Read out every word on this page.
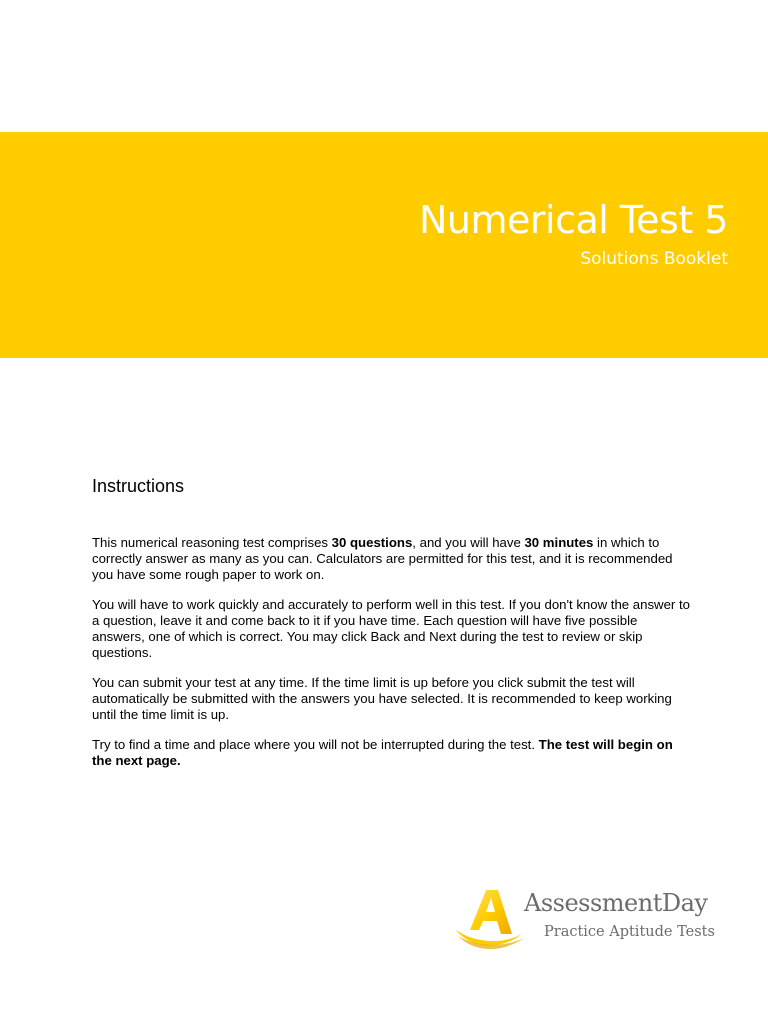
Numerical Test 5
Solutions Booklet
Instructions

This numerical reasoning test comprises 30 questions, and you will have 30 minutes in which to correctly answer as many as you can. Calculators are permitted for this test, and it is recommended you have some rough paper to work on.

You will have to work quickly and accurately to perform well in this test. If you don't know the answer to a question, leave it and come back to it if you have time. Each question will have five possible answers, one of which is correct. You may click Back and Next during the test to review or skip questions.

You can submit your test at any time. If the time limit is up before you click submit the test will automatically be submitted with the answers you have selected. It is recommended to keep working until the time limit is up.

Try to find a time and place where you will not be interrupted during the test. The test will begin on the next page.

AssessmentDay
Practice Aptitude Tests
